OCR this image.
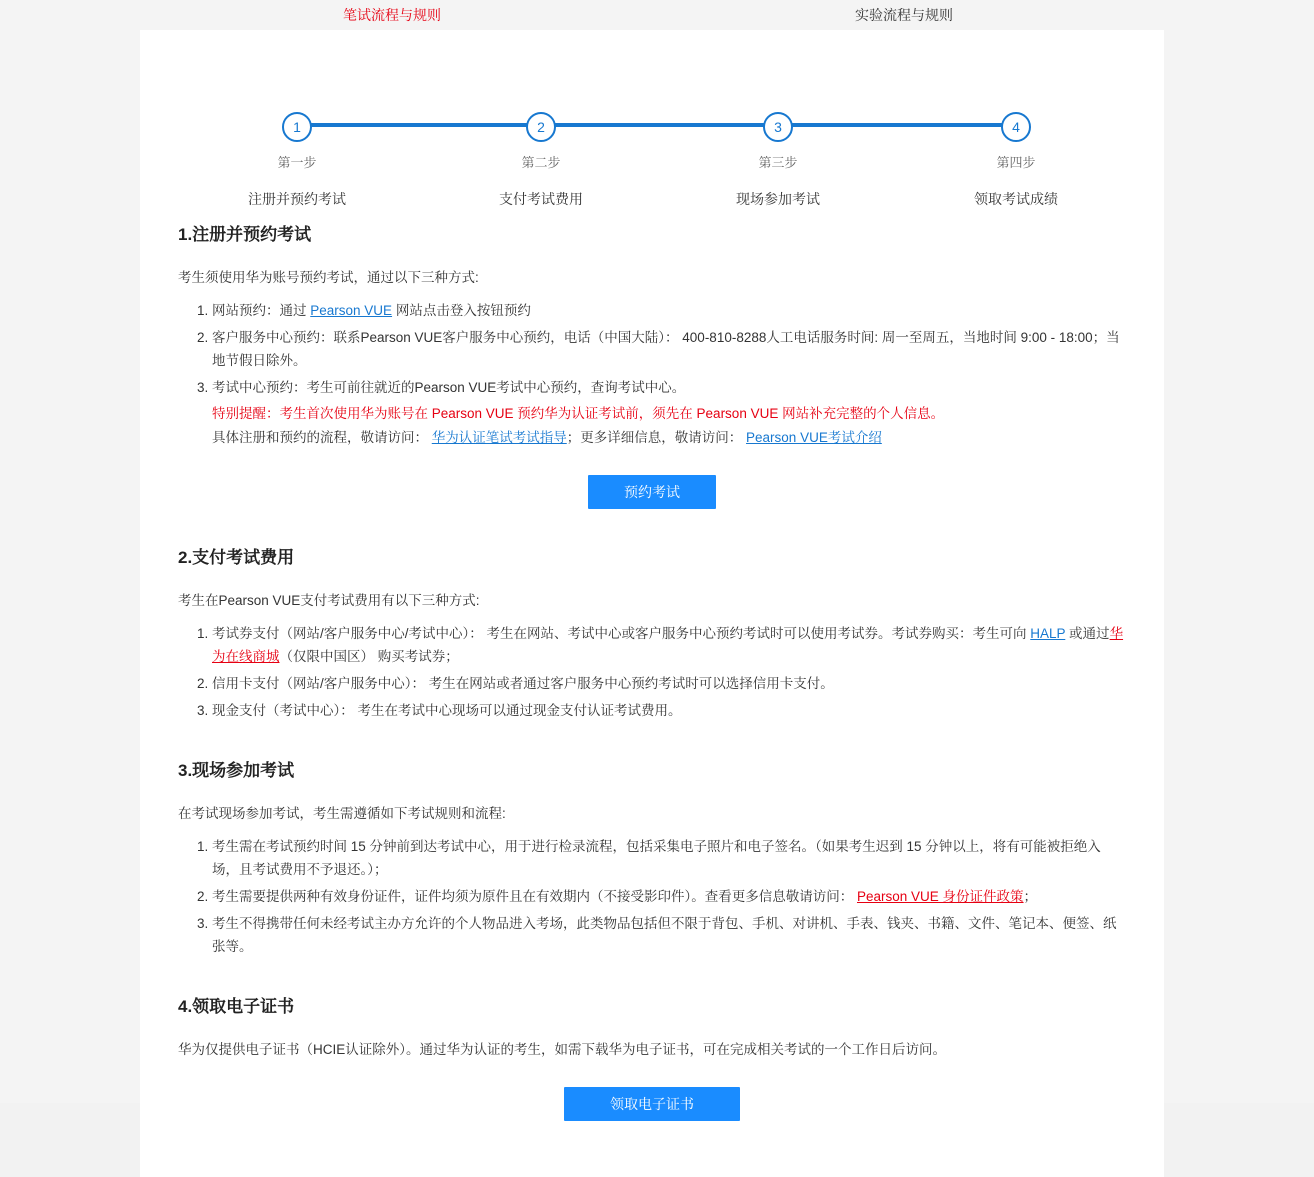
笔试流程与规则	实验流程与规则
1
第一步
注册并预约考试
2
第二步
支付考试费用
3
第三步
现场参加考试
4
第四步
领取考试成绩
1.注册并预约考试

考生须使用华为账号预约考试，通过以下三种方式:

1. 网站预约：通过 Pearson VUE 网站点击登入按钮预约
2. 客户服务中心预约：联系Pearson VUE客户服务中心预约，电话（中国大陆）： 400-810-8288人工电话服务时间: 周一至周五，当地时间 9:00 - 18:00；当地节假日除外。
3. 考试中心预约：考生可前往就近的Pearson VUE考试中心预约，查询考试中心。
特别提醒：考生首次使用华为账号在 Pearson VUE 预约华为认证考试前，须先在 Pearson VUE 网站补充完整的个人信息。
具体注册和预约的流程，敬请访问： 华为认证笔试考试指导；更多详细信息，敬请访问： Pearson VUE考试介绍
预约考试
2.支付考试费用

考生在Pearson VUE支付考试费用有以下三种方式:

1. 考试券支付（网站/客户服务中心/考试中心）： 考生在网站、考试中心或客户服务中心预约考试时可以使用考试券。考试券购买：考生可向 HALP 或通过华为在线商城（仅限中国区） 购买考试券；
2. 信用卡支付（网站/客户服务中心）： 考生在网站或者通过客户服务中心预约考试时可以选择信用卡支付。
3. 现金支付（考试中心）： 考生在考试中心现场可以通过现金支付认证考试费用。
3.现场参加考试

在考试现场参加考试，考生需遵循如下考试规则和流程:

1. 考生需在考试预约时间 15 分钟前到达考试中心，用于进行检录流程，包括采集电子照片和电子签名。（如果考生迟到 15 分钟以上，将有可能被拒绝入场，且考试费用不予退还。）；
2. 考生需要提供两种有效身份证件，证件均须为原件且在有效期内（不接受影印件）。查看更多信息敬请访问： Pearson VUE 身份证件政策；
3. 考生不得携带任何未经考试主办方允许的个人物品进入考场，此类物品包括但不限于背包、手机、对讲机、手表、钱夹、书籍、文件、笔记本、便签、纸张等。
4.领取电子证书

华为仅提供电子证书（HCIE认证除外）。通过华为认证的考生，如需下载华为电子证书，可在完成相关考试的一个工作日后访问。

领取电子证书
